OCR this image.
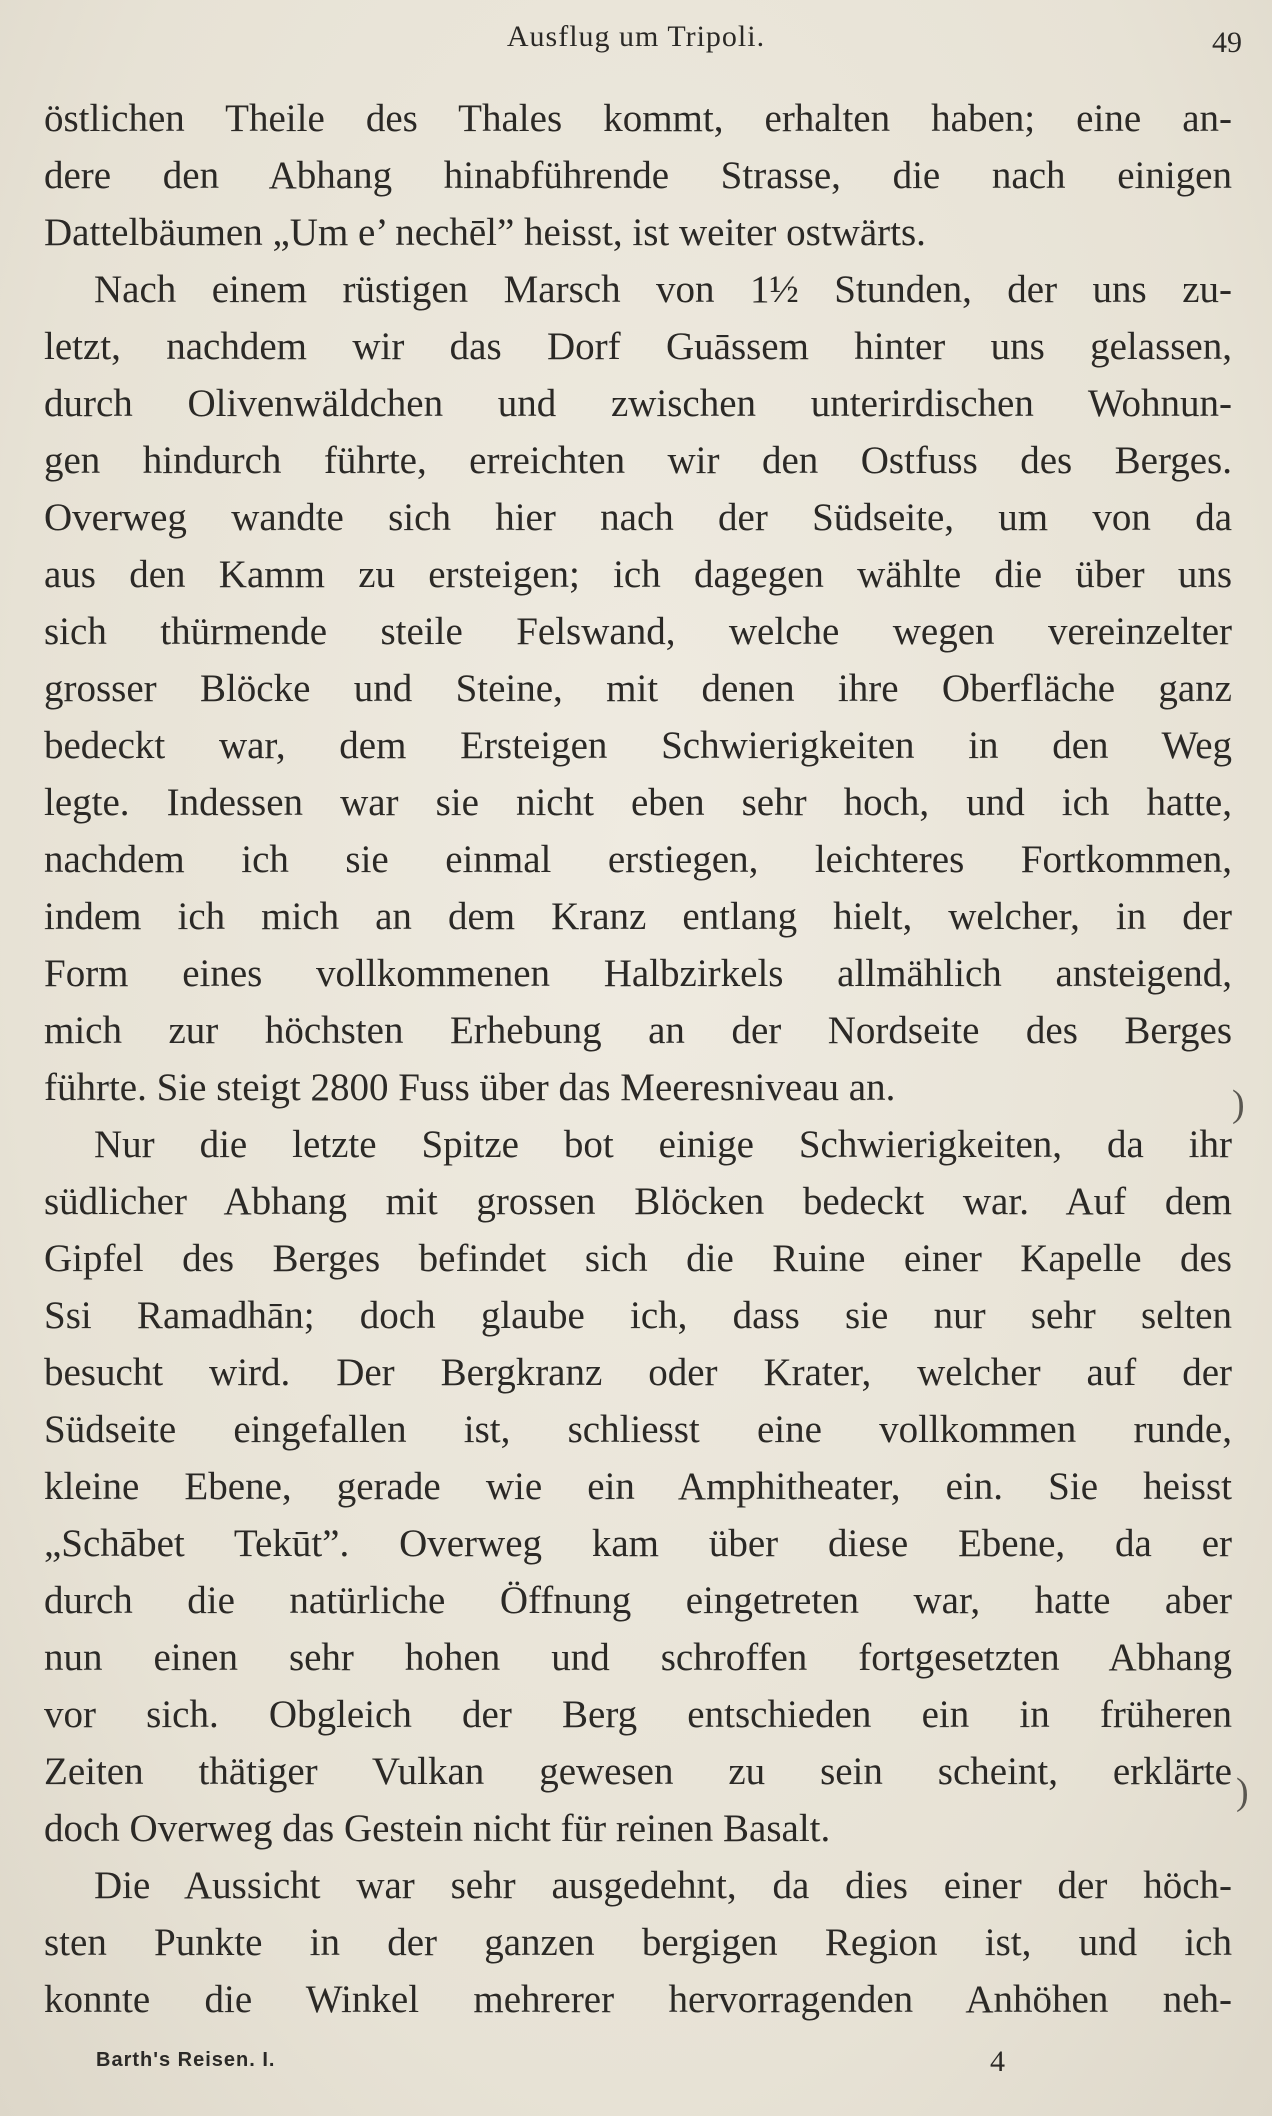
Ausflug um Tripoli.	49
östlichen Theile des Thales kommt, erhalten haben; eine an-
dere den Abhang hinabführende Strasse, die nach einigen
Dattelbäumen „Um e’ nechēl” heisst, ist weiter ostwärts.
Nach einem rüstigen Marsch von 1½ Stunden, der uns zu-
letzt, nachdem wir das Dorf Guāssem hinter uns gelassen,
durch Olivenwäldchen und zwischen unterirdischen Wohnun-
gen hindurch führte, erreichten wir den Ostfuss des Berges.
Overweg wandte sich hier nach der Südseite, um von da
aus den Kamm zu ersteigen; ich dagegen wählte die über uns
sich thürmende steile Felswand, welche wegen vereinzelter
grosser Blöcke und Steine, mit denen ihre Oberfläche ganz
bedeckt war, dem Ersteigen Schwierigkeiten in den Weg
legte. Indessen war sie nicht eben sehr hoch, und ich hatte,
nachdem ich sie einmal erstiegen, leichteres Fortkommen,
indem ich mich an dem Kranz entlang hielt, welcher, in der
Form eines vollkommenen Halbzirkels allmählich ansteigend,
mich zur höchsten Erhebung an der Nordseite des Berges
führte. Sie steigt 2800 Fuss über das Meeresniveau an.
Nur die letzte Spitze bot einige Schwierigkeiten, da ihr
südlicher Abhang mit grossen Blöcken bedeckt war. Auf dem
Gipfel des Berges befindet sich die Ruine einer Kapelle des
Ssi Ramadhān; doch glaube ich, dass sie nur sehr selten
besucht wird. Der Bergkranz oder Krater, welcher auf der
Südseite eingefallen ist, schliesst eine vollkommen runde,
kleine Ebene, gerade wie ein Amphitheater, ein. Sie heisst
„Schābet Tekūt”. Overweg kam über diese Ebene, da er
durch die natürliche Öffnung eingetreten war, hatte aber
nun einen sehr hohen und schroffen fortgesetzten Abhang
vor sich. Obgleich der Berg entschieden ein in früheren
Zeiten thätiger Vulkan gewesen zu sein scheint, erklärte
doch Overweg das Gestein nicht für reinen Basalt.
Die Aussicht war sehr ausgedehnt, da dies einer der höch-
sten Punkte in der ganzen bergigen Region ist, und ich
konnte die Winkel mehrerer hervorragenden Anhöhen neh-
)
)
Barth's Reisen. I.	4
